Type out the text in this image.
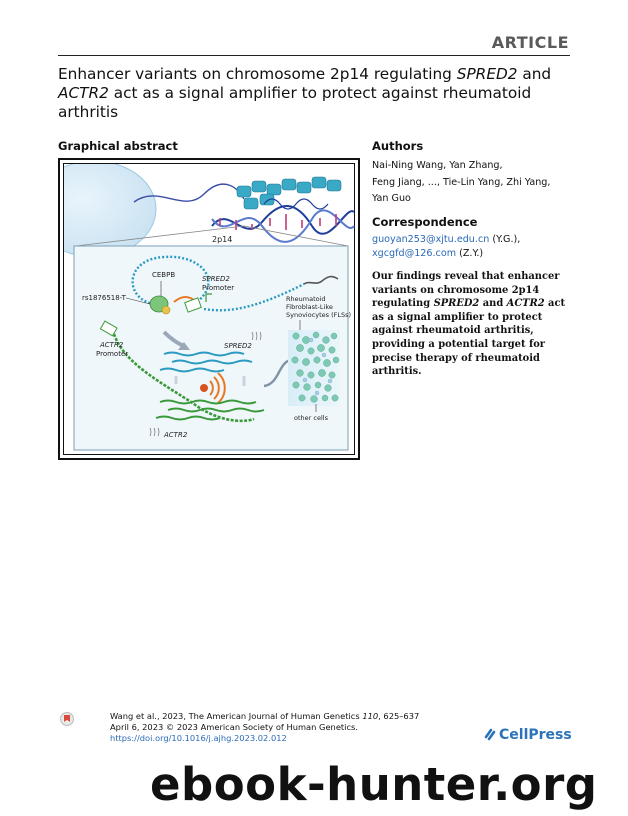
ARTICLE
Enhancer variants on chromosome 2p14 regulating SPRED2 and ACTR2 act as a signal amplifier to protect against rheumatoid arthritis
Graphical abstract
2p14
CEBPB	SPRED2
Promoter
rs1876518-T
ACTR2
Promoter
SPRED2
ACTR2
Rheumatoid
Fibroblast-Like
Synoviocytes (FLSs)
other cells
Authors
Nai-Ning Wang, Yan Zhang,
Feng Jiang, ..., Tie-Lin Yang, Zhi Yang,
Yan Guo
Correspondence
guoyan253@xjtu.edu.cn (Y.G.),
xgcgfd@126.com (Z.Y.)
Our findings reveal that enhancer variants on chromosome 2p14 regulating SPRED2 and ACTR2 act as a signal amplifier to protect against rheumatoid arthritis, providing a potential target for precise therapy of rheumatoid arthritis.
Wang et al., 2023, The American Journal of Human Genetics 110, 625–637
April 6, 2023 © 2023 American Society of Human Genetics.
https://doi.org/10.1016/j.ajhg.2023.02.012	CellPress
ebook-hunter.org
